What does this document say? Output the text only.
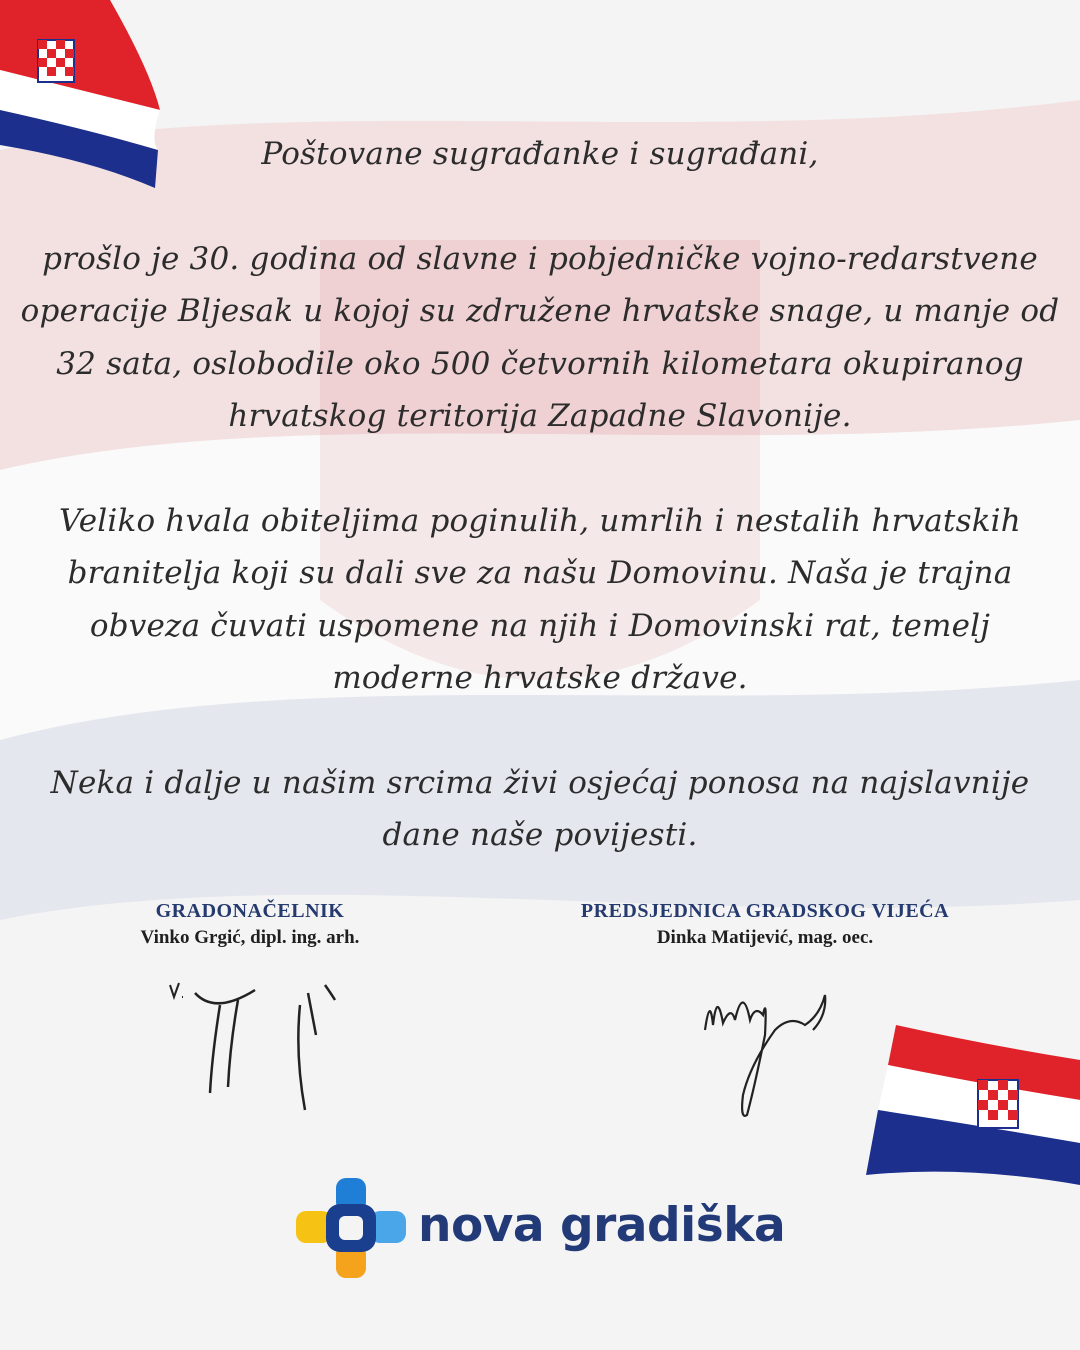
Poštovane sugrađanke i sugrađani,

prošlo je 30. godina od slavne i pobjedničke vojno-redarstvene operacije Bljesak u kojoj su združene hrvatske snage, u manje od 32 sata, oslobodile oko 500 četvornih kilometara okupiranog hrvatskog teritorija Zapadne Slavonije.

Veliko hvala obiteljima poginulih, umrlih i nestalih hrvatskih branitelja koji su dali sve za našu Domovinu. Naša je trajna obveza čuvati uspomene na njih i Domovinski rat, temelj moderne hrvatske države.

Neka i dalje u našim srcima živi osjećaj ponosa na najslavnije dane naše povijesti.

GRADONAČELNIK
Vinko Grgić, dipl. ing. arh.
PREDSJEDNICA GRADSKOG VIJEĆA
Dinka Matijević, mag. oec.
nova gradiška
